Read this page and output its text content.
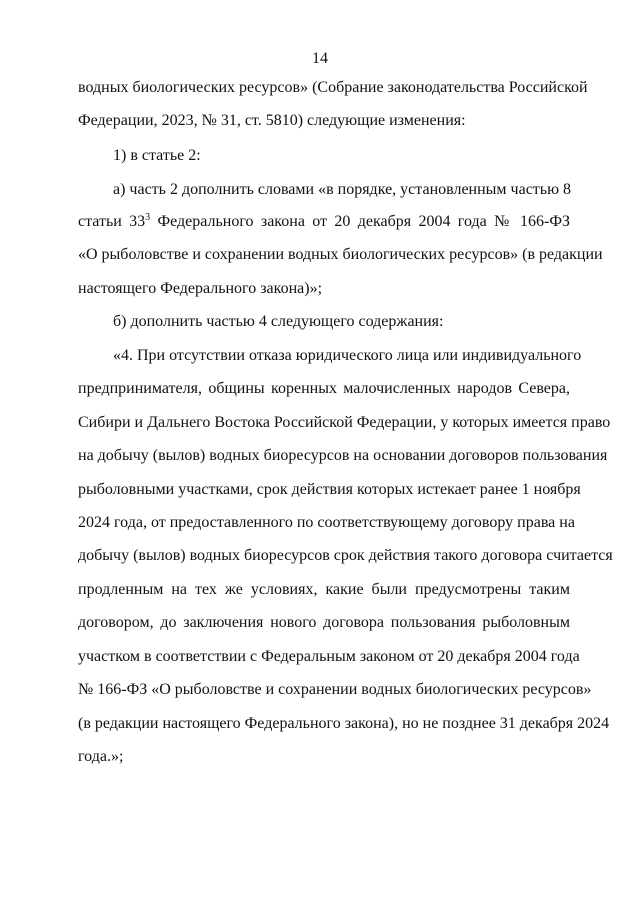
14
водных биологических ресурсов» (Собрание законодательства Российской
Федерации, 2023, № 31, ст. 5810) следующие изменения:
1) в статье 2:
а) часть 2 дополнить словами «в порядке, установленным частью 8
статьи $33^3$ Федерального закона от 20 декабря 2004 года № 166-ФЗ
«О рыболовстве и сохранении водных биологических ресурсов» (в редакции
настоящего Федерального закона)»;
б) дополнить частью 4 следующего содержания:
«4. При отсутствии отказа юридического лица или индивидуального
предпринимателя, общины коренных малочисленных народов Севера,
Сибири и Дальнего Востока Российской Федерации, у которых имеется право
на добычу (вылов) водных биоресурсов на основании договоров пользования
рыболовными участками, срок действия которых истекает ранее 1 ноября
2024 года, от предоставленного по соответствующему договору права на
добычу (вылов) водных биоресурсов срок действия такого договора считается
продленным на тех же условиях, какие были предусмотрены таким
договором, до заключения нового договора пользования рыболовным
участком в соответствии с Федеральным законом от 20 декабря 2004 года
№ 166-ФЗ «О рыболовстве и сохранении водных биологических ресурсов»
(в редакции настоящего Федерального закона), но не позднее 31 декабря 2024
года.»;
